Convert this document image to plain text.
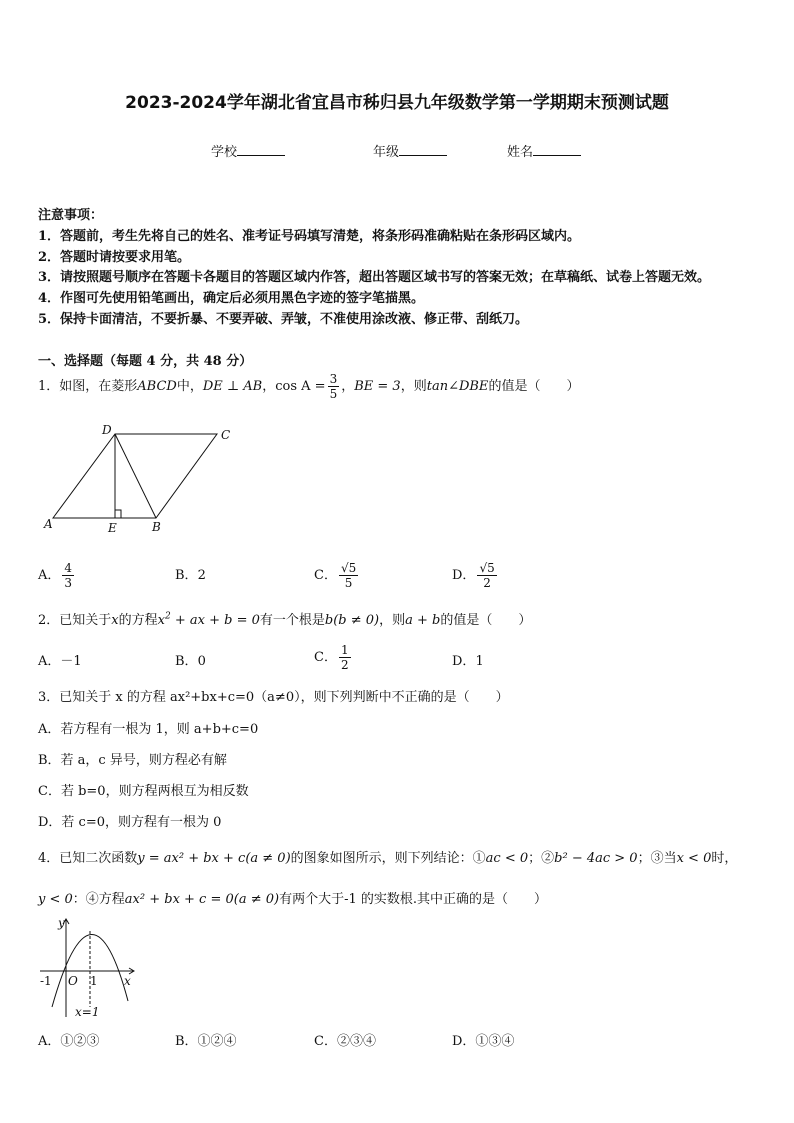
2023-2024学年湖北省宜昌市秭归县九年级数学第一学期期末预测试题
学校	年级	姓名
注意事项：
1．答题前，考生先将自己的姓名、准考证号码填写清楚，将条形码准确粘贴在条形码区域内。
2．答题时请按要求用笔。
3．请按照题号顺序在答题卡各题目的答题区域内作答，超出答题区域书写的答案无效；在草稿纸、试卷上答题无效。
4．作图可先使用铅笔画出，确定后必须用黑色字迹的签字笔描黑。
5．保持卡面清洁，不要折暴、不要弄破、弄皱，不准使用涂改液、修正带、刮纸刀。
一、选择题（每题 4 分，共 48 分）
1．如图，在菱形ABCD中，DE ⊥ AB，$\cos A = \frac{3}{5}$ ，BE = 3，则tan∠DBE的值是（　　）
D	C
A	E	B
A． $\frac{4}{3}$	B．2	C． $\frac{√5}{5}$	D． $\frac{√5}{2}$
2．已知关于x的方程$x^2$ + ax + b = 0有一个根是b(b ≠ 0)，则a + b的值是（　　）
A．－1	B．0	C． $\frac{1}{2}$	D．1
3．已知关于 x 的方程 ax²+bx+c=0（a≠0），则下列判断中不正确的是（　　）
A．若方程有一根为 1，则 a+b+c=0
B．若 a，c 异号，则方程必有解
C．若 b=0，则方程两根互为相反数
D．若 c=0，则方程有一根为 0
4．已知二次函数y = ax² + bx + c(a ≠ 0)的图象如图所示，则下列结论：①ac < 0；②b² − 4ac > 0；③当x < 0时，
y < 0：④方程ax² + bx + c = 0(a ≠ 0)有两个大于-1 的实数根.其中正确的是（　　）
y
x
O
-1	1
x=1
A．①②③	B．①②④	C．②③④	D．①③④
